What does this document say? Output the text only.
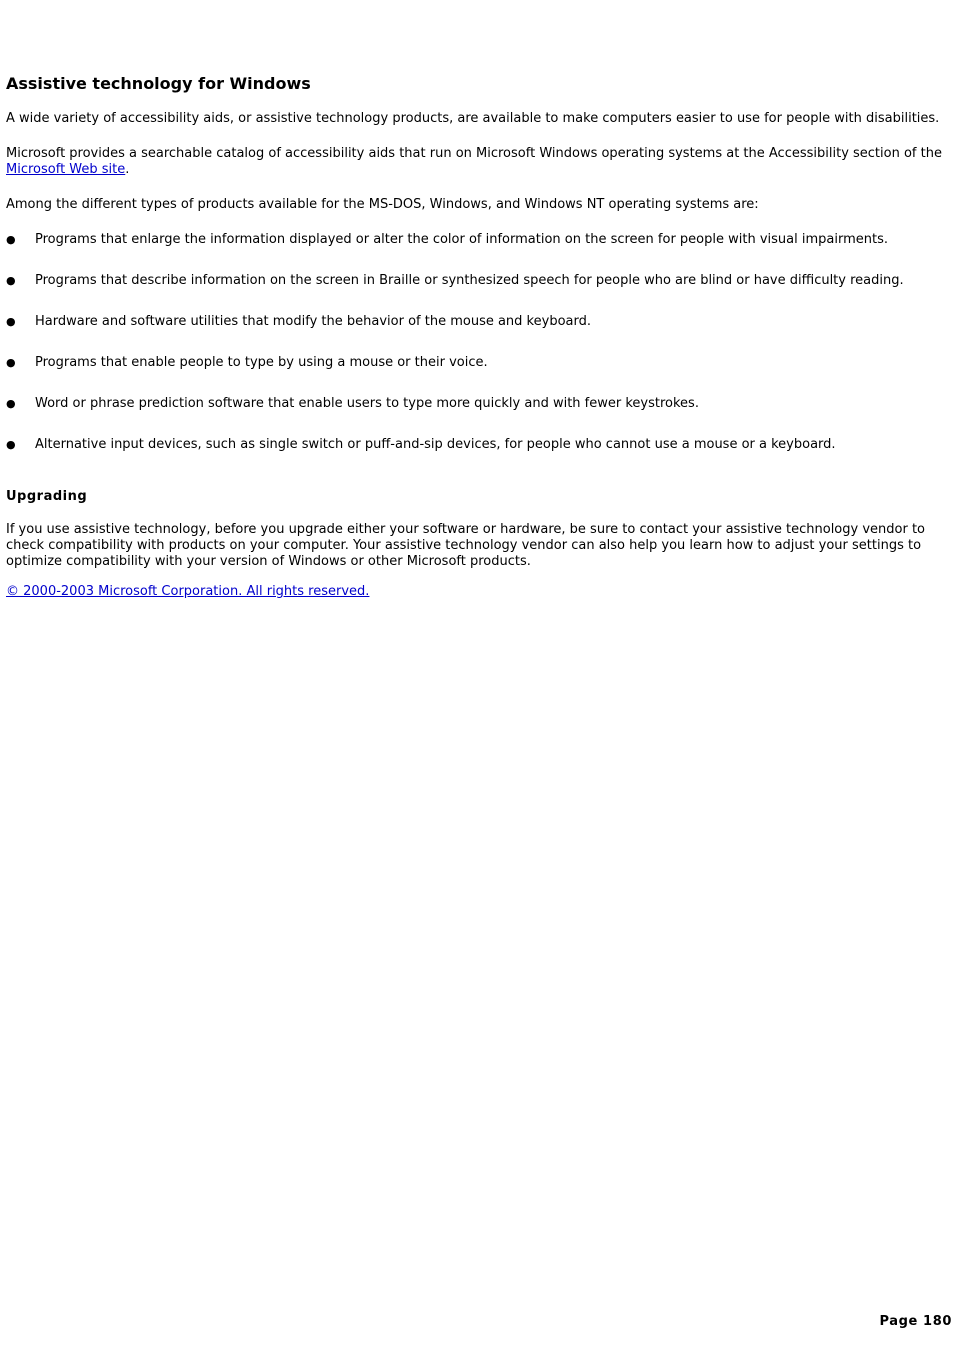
Assistive technology for Windows

A wide variety of accessibility aids, or assistive technology products, are available to make computers easier to use for people with disabilities.

Microsoft provides a searchable catalog of accessibility aids that run on Microsoft Windows operating systems at the Accessibility section of the Microsoft Web site.

Among the different types of products available for the MS-DOS, Windows, and Windows NT operating systems are:

● Programs that enlarge the information displayed or alter the color of information on the screen for people with visual impairments.
● Programs that describe information on the screen in Braille or synthesized speech for people who are blind or have difficulty reading.
● Hardware and software utilities that modify the behavior of the mouse and keyboard.
● Programs that enable people to type by using a mouse or their voice.
● Word or phrase prediction software that enable users to type more quickly and with fewer keystrokes.
● Alternative input devices, such as single switch or puff-and-sip devices, for people who cannot use a mouse or a keyboard.
Upgrading

If you use assistive technology, before you upgrade either your software or hardware, be sure to contact your assistive technology vendor to check compatibility with products on your computer. Your assistive technology vendor can also help you learn how to adjust your settings to optimize compatibility with your version of Windows or other Microsoft products.

© 2000-2003 Microsoft Corporation. All rights reserved.

Page 180
